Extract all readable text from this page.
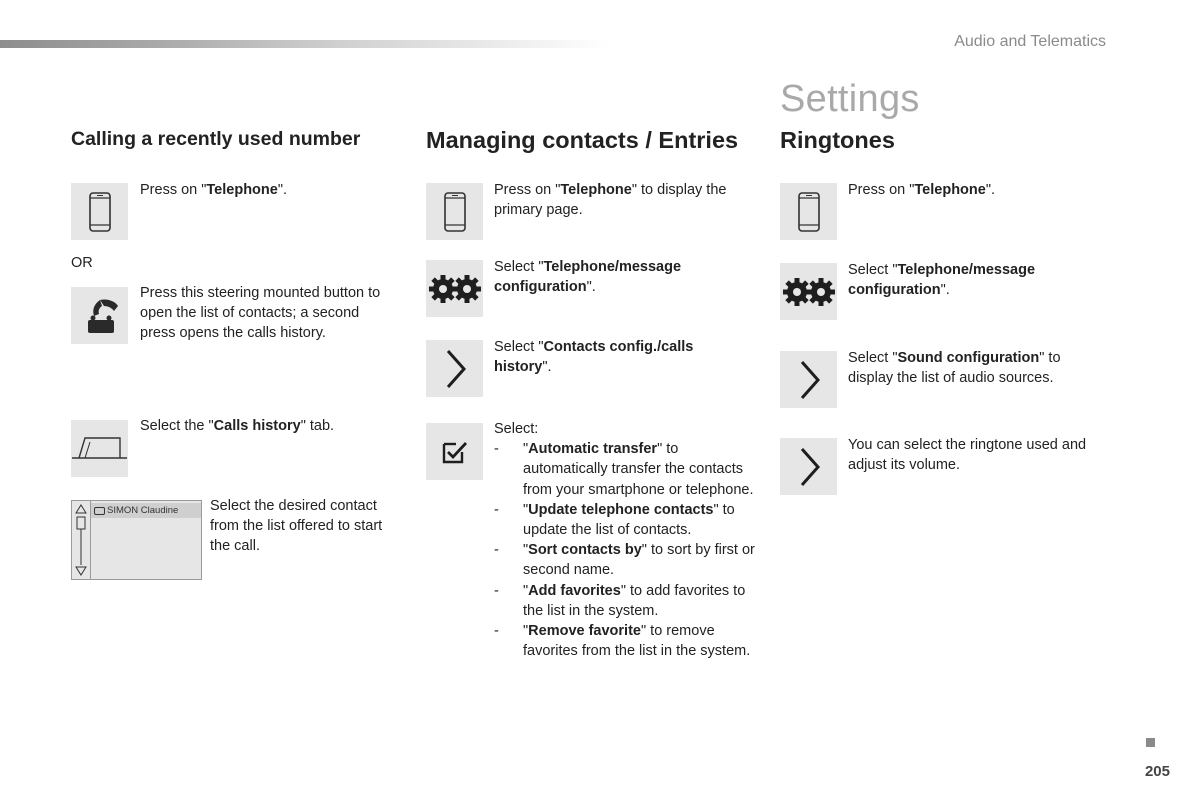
Audio and Telematics
Settings
Calling a recently used number
Press on "Telephone".
OR
Press this steering mounted button to open the list of contacts; a second press opens the calls history.
Select the "Calls history" tab.
SIMON Claudine	Select the desired contact from the list offered to start the call.
Managing contacts / Entries
Press on "Telephone" to display the primary page.
Select "Telephone/message configuration".
Select "Contacts config./calls history".
Select:
- "Automatic transfer" to automatically transfer the contacts from your smartphone or telephone.
- "Update telephone contacts" to update the list of contacts.
- "Sort contacts by" to sort by first or second name.
- "Add favorites" to add favorites to the list in the system.
- "Remove favorite" to remove favorites from the list in the system.
Ringtones
Press on "Telephone".
Select "Telephone/message configuration".
Select "Sound configuration" to display the list of audio sources.
You can select the ringtone used and adjust its volume.
205
